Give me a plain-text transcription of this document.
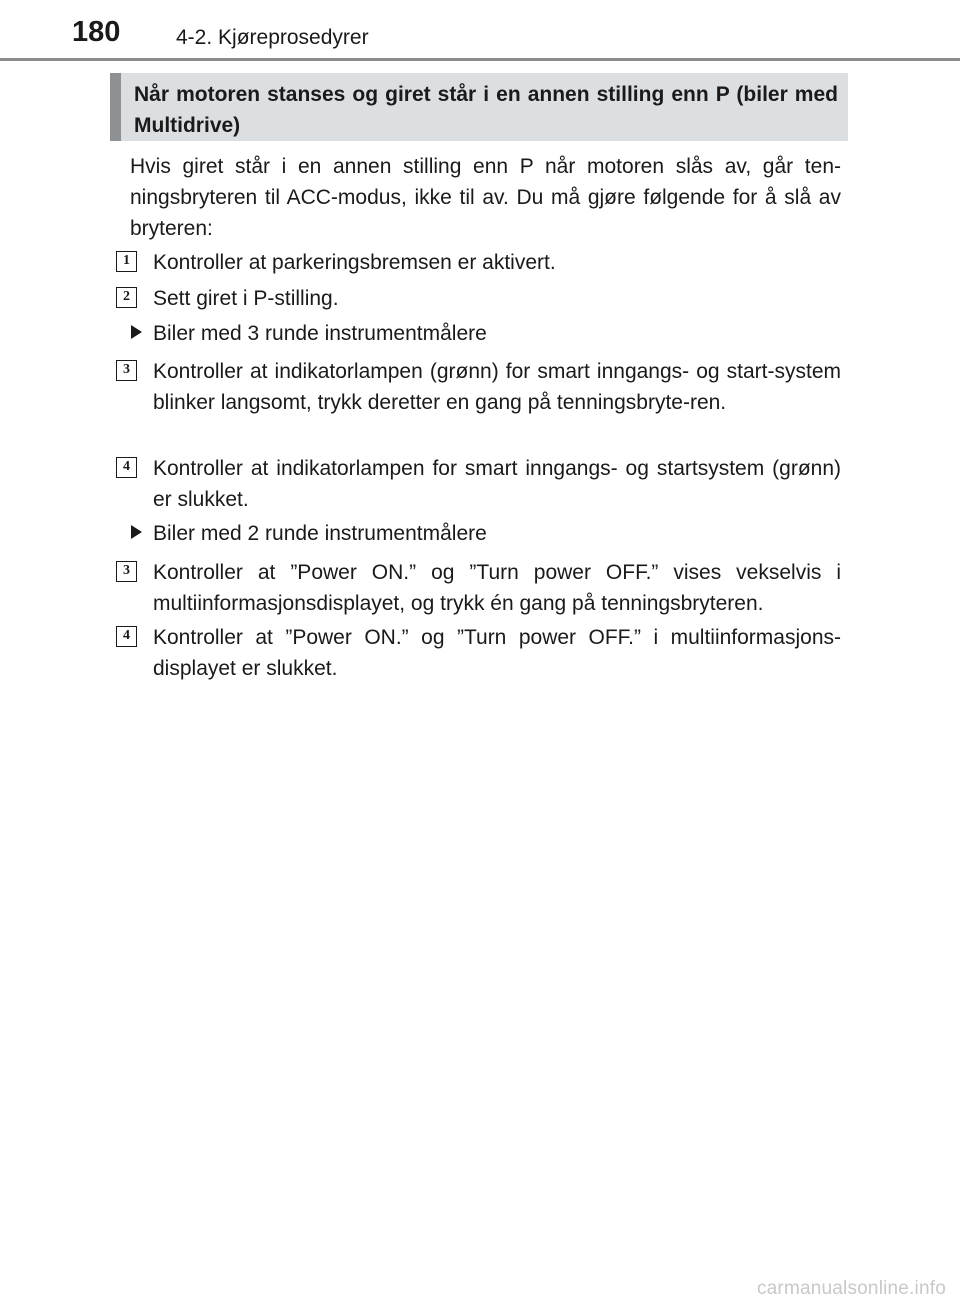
180	4-2. Kjøreprosedyrer
Når motoren stanses og giret står i en annen stilling enn P (biler med Multidrive)
Hvis giret står i en annen stilling enn P når motoren slås av, går ten-ningsbryteren til ACC-modus, ikke til av. Du må gjøre følgende for å slå av bryteren:
1	Kontroller at parkeringsbremsen er aktivert.
2	Sett giret i P-stilling.
Biler med 3 runde instrumentmålere
3	Kontroller at indikatorlampen (grønn) for smart inngangs- og start-system blinker langsomt, trykk deretter en gang på tenningsbryte-ren.
4	Kontroller at indikatorlampen for smart inngangs- og startsystem (grønn) er slukket.
Biler med 2 runde instrumentmålere
3	Kontroller at ”Power ON.” og ”Turn power OFF.” vises vekselvis i multiinformasjonsdisplayet, og trykk én gang på tenningsbryteren.
4	Kontroller at ”Power ON.” og ”Turn power OFF.” i multiinformasjons-displayet er slukket.
carmanualsonline.info
